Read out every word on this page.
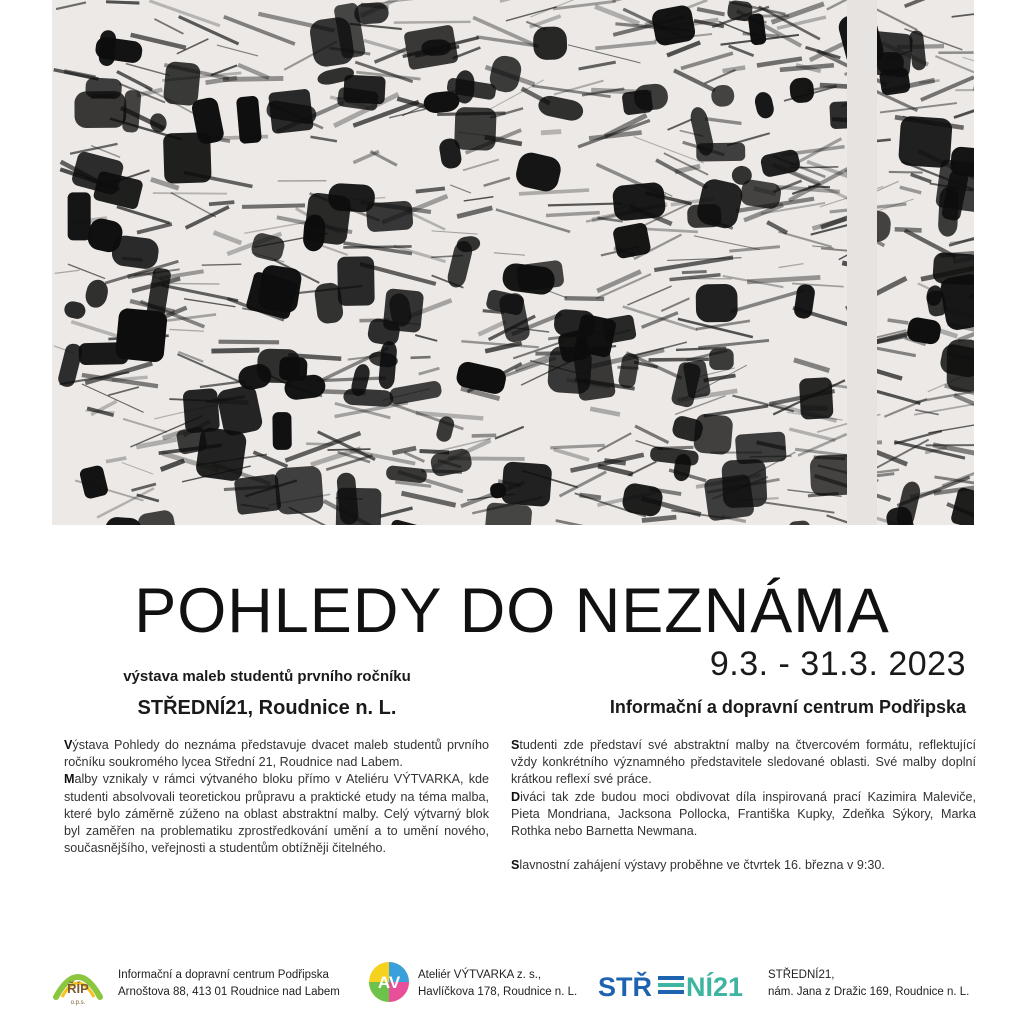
POHLEDY DO NEZNÁMA
výstava maleb studentů prvního ročníku
STŘEDNÍ21, Roudnice n. L.
9.3. - 31.3. 2023
Informační a dopravní centrum Podřipska

Výstava Pohledy do neznáma představuje dvacet maleb studentů prvního ročníku soukromého lycea Střední 21, Roudnice nad Labem.

Malby vznikaly v rámci výtvaného bloku přímo v Ateliéru VÝTVARKA, kde studenti absolvovali teoretickou průpravu a praktické etudy na téma malba, které bylo záměrně zúženo na oblast abstraktní malby. Celý výtvarný blok byl zaměřen na problematiku zprostředkování umění a to umění nového, současnějšího, veřejnosti a studentům obtížněji čitelného.

Studenti zde představí své abstraktní malby na čtvercovém formátu, reflektující vždy konkrétního významného představitele sledované oblasti. Své malby doplní krátkou reflexí své práce.

Diváci tak zde budou moci obdivovat díla inspirovaná prací Kazimira Maleviče, Pieta Mondriana, Jacksona Pollocka, Františka Kupky, Zdeňka Sýkory, Marka Rothka nebo Barnetta Newmana.

Slavnostní zahájení výstavy proběhne ve čtvrtek 16. března v 9:30.

ŘÍP
o.p.s.
Informační a dopravní centrum Podřipska
Arnoštova 88, 413 01 Roudnice nad Labem AV Ateliér VÝTVARKA z. s.,
Havlíčkova 178, Roudnice n. L. STŘ NÍ21 STŘEDNÍ21,
nám. Jana z Dražic 169, Roudnice n. L.
